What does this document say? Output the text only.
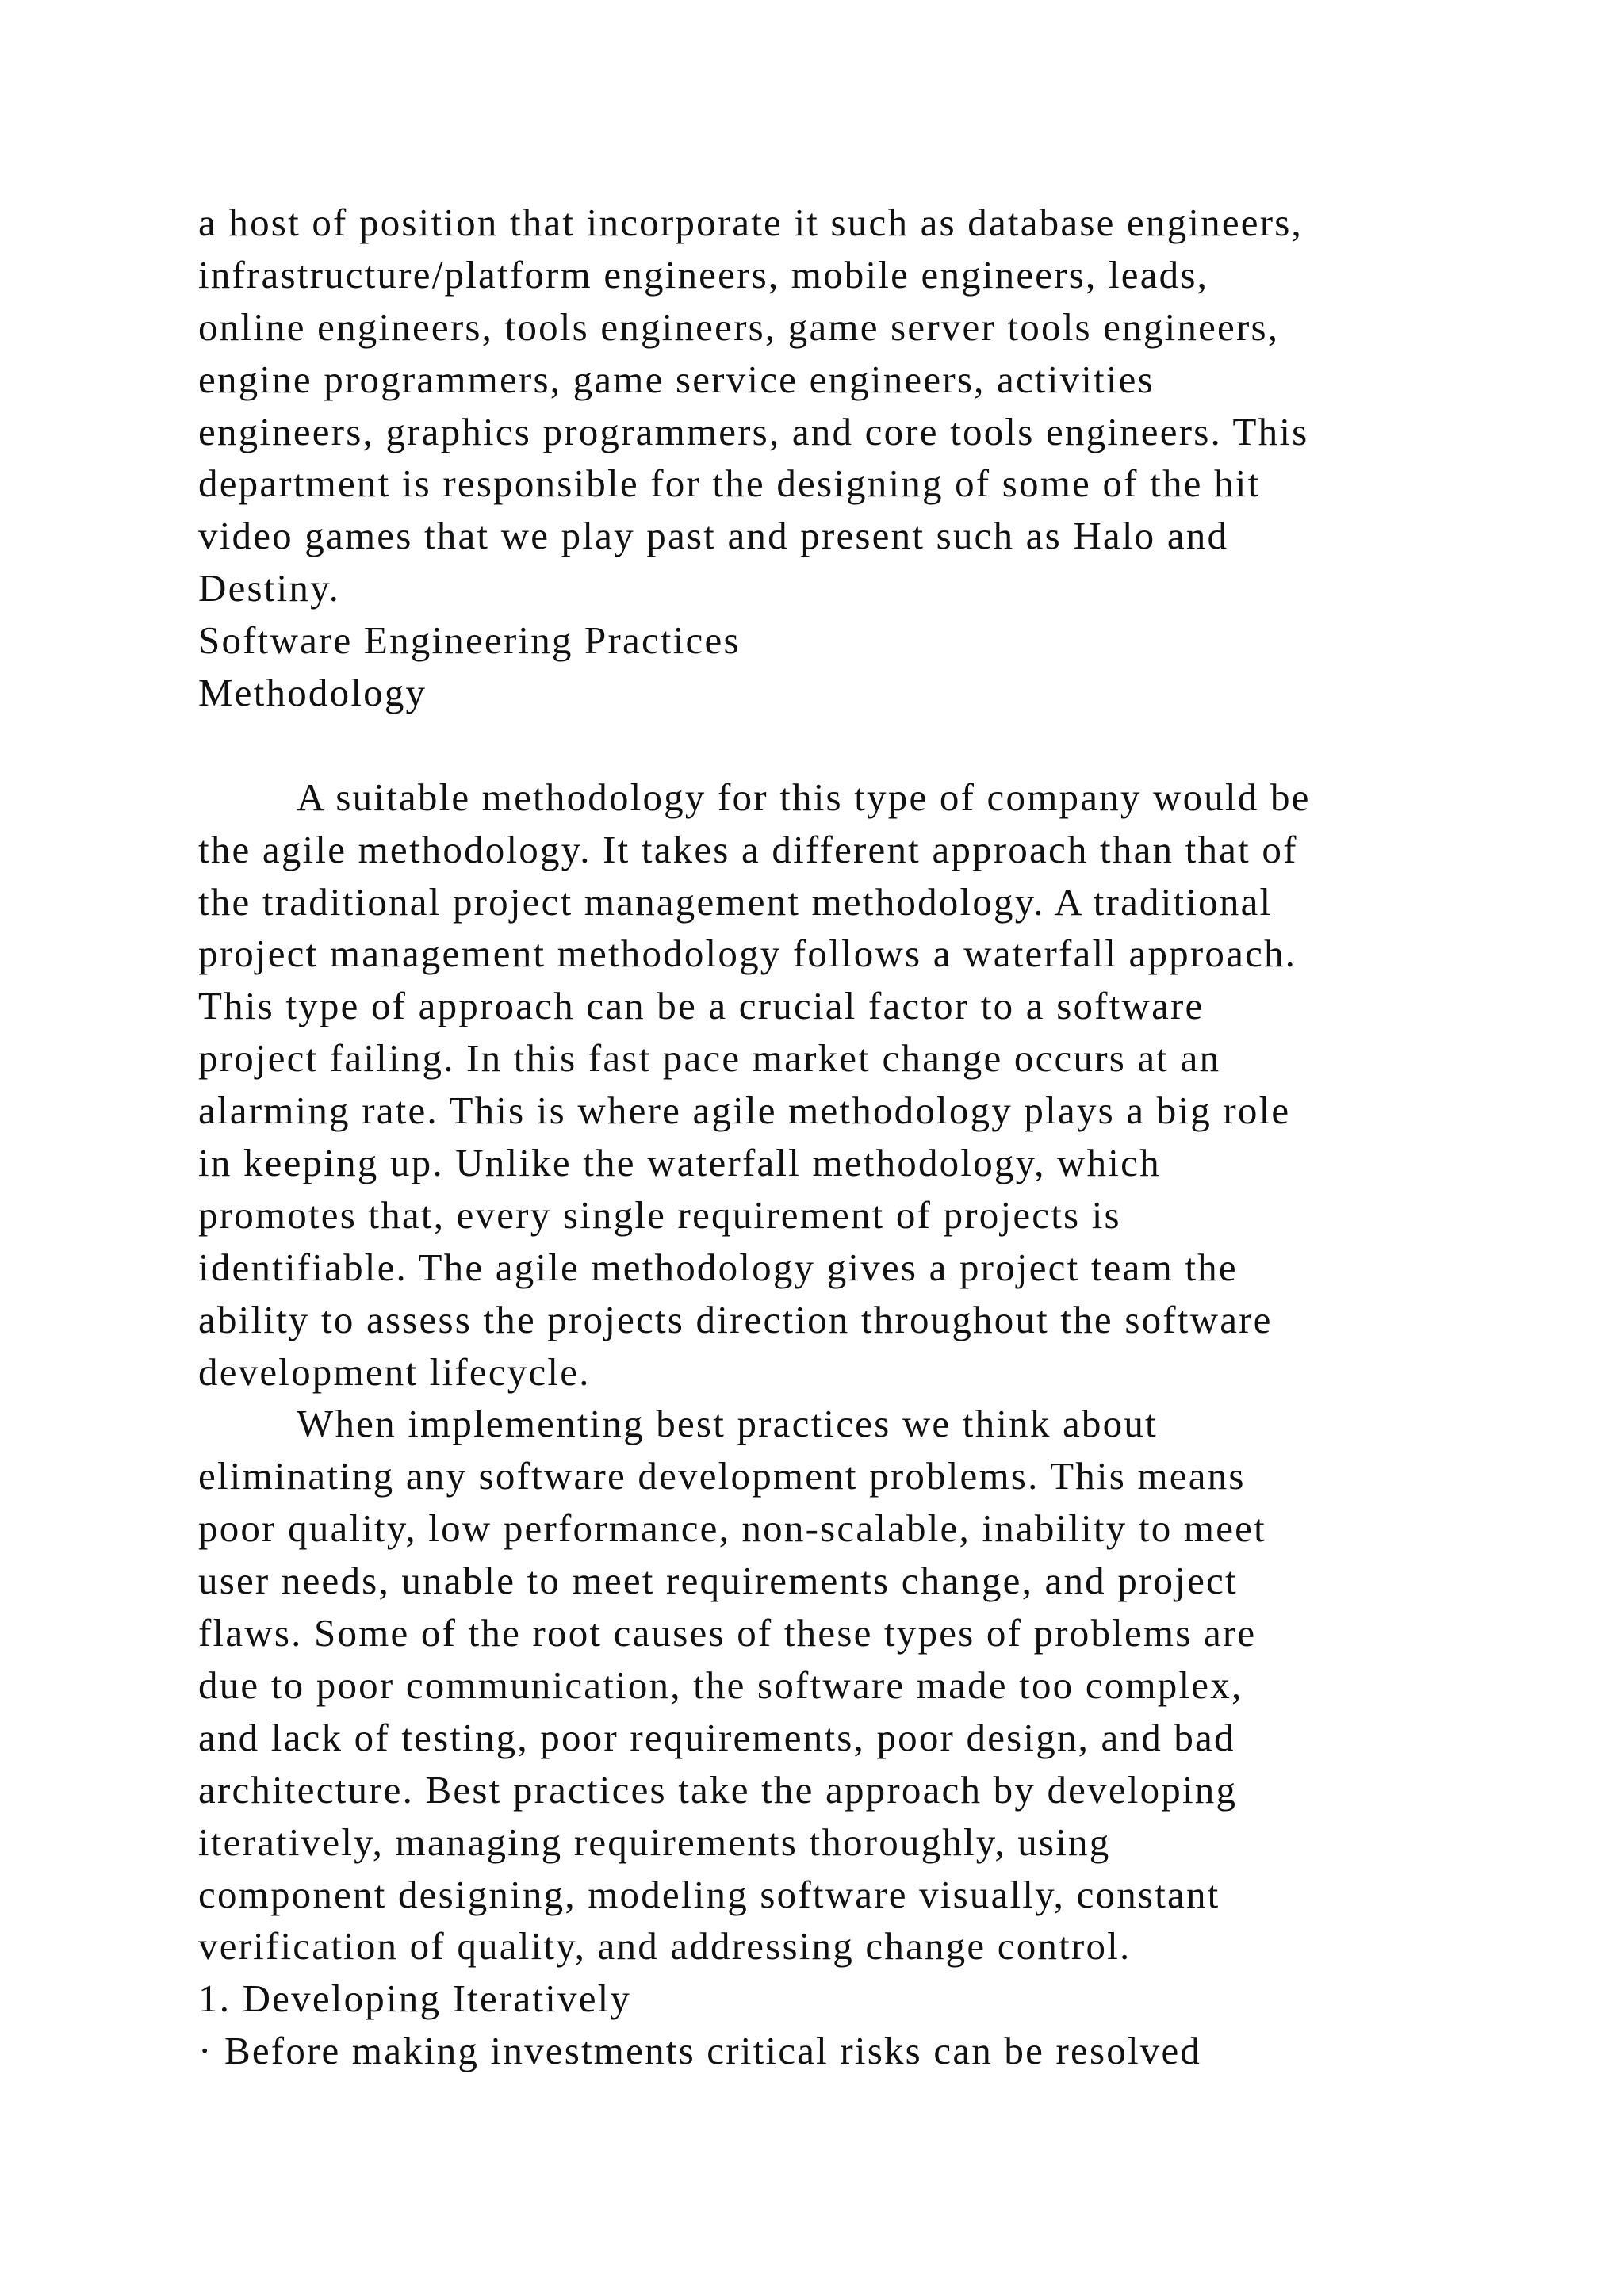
a host of position that incorporate it such as database engineers,
infrastructure/platform engineers, mobile engineers, leads,
online engineers, tools engineers, game server tools engineers,
engine programmers, game service engineers, activities
engineers, graphics programmers, and core tools engineers. This
department is responsible for the designing of some of the hit
video games that we play past and present such as Halo and
Destiny.
Software Engineering Practices
Methodology
A suitable methodology for this type of company would be
the agile methodology. It takes a different approach than that of
the traditional project management methodology. A traditional
project management methodology follows a waterfall approach.
This type of approach can be a crucial factor to a software
project failing. In this fast pace market change occurs at an
alarming rate. This is where agile methodology plays a big role
in keeping up. Unlike the waterfall methodology, which
promotes that, every single requirement of projects is
identifiable. The agile methodology gives a project team the
ability to assess the projects direction throughout the software
development lifecycle.
When implementing best practices we think about
eliminating any software development problems. This means
poor quality, low performance, non-scalable, inability to meet
user needs, unable to meet requirements change, and project
flaws. Some of the root causes of these types of problems are
due to poor communication, the software made too complex,
and lack of testing, poor requirements, poor design, and bad
architecture. Best practices take the approach by developing
iteratively, managing requirements thoroughly, using
component designing, modeling software visually, constant
verification of quality, and addressing change control.
1. Developing Iteratively
· Before making investments critical risks can be resolved
